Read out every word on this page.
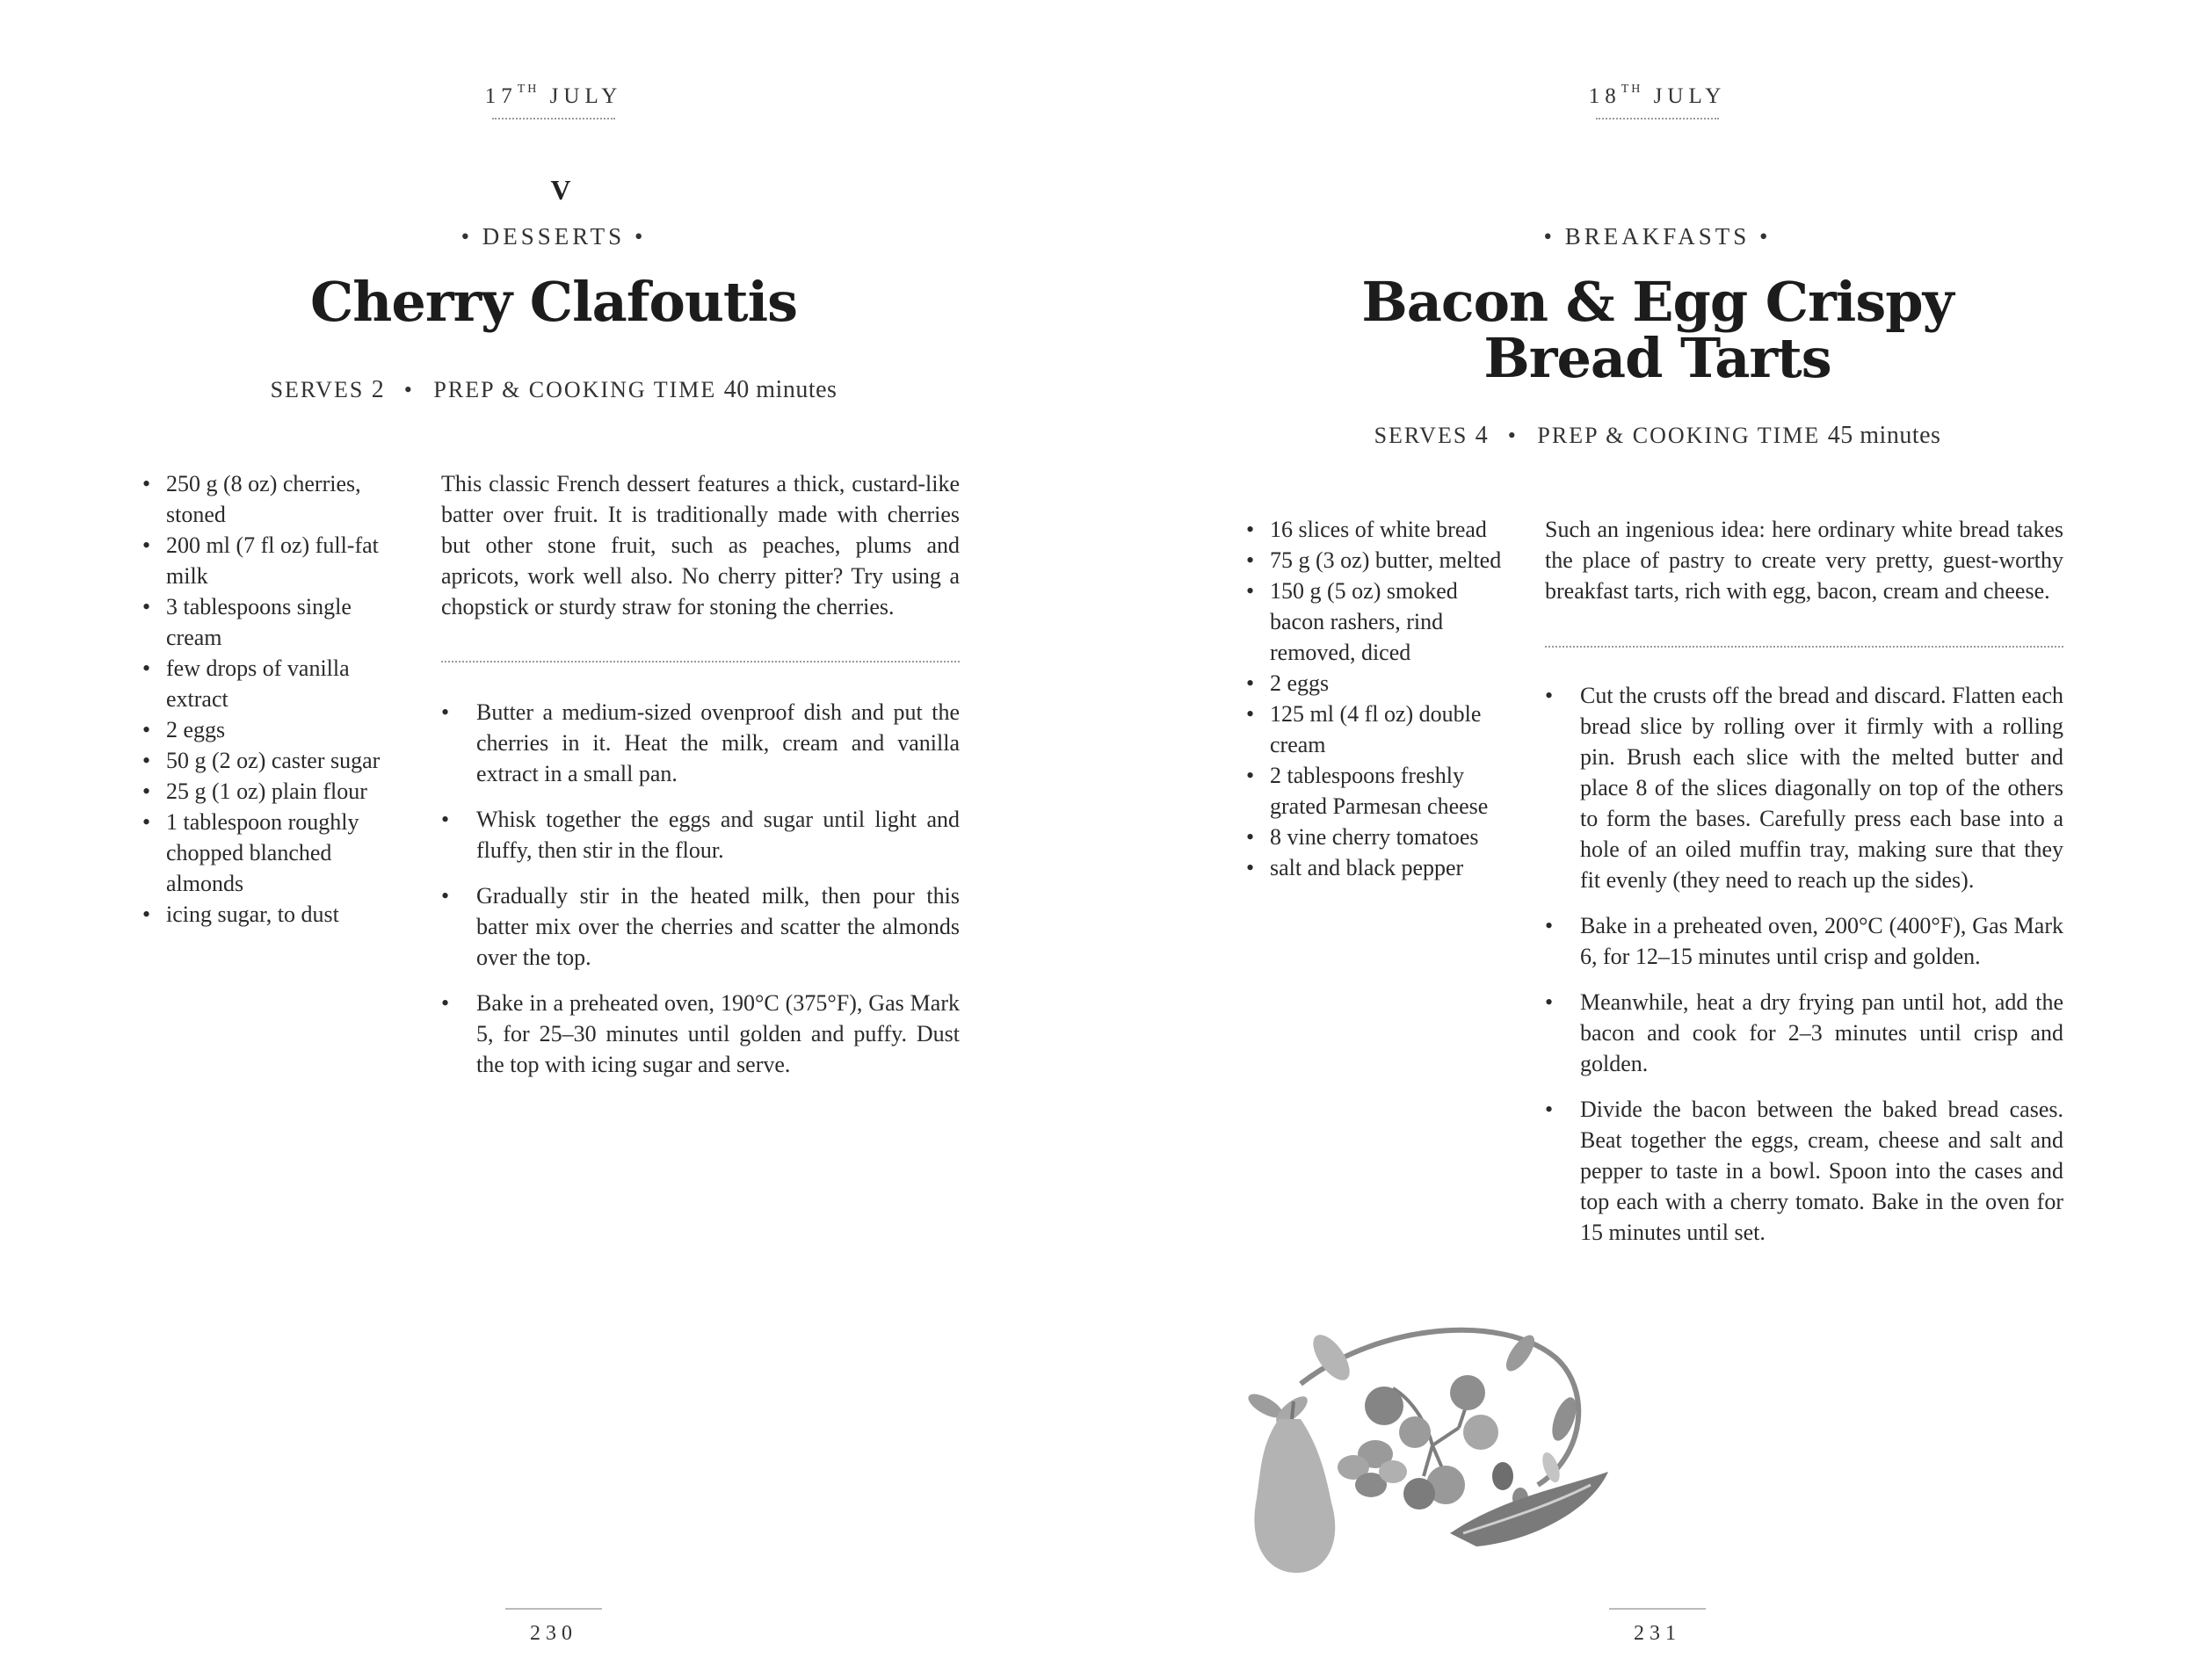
17TH JULY
V
• DESSERTS •
Cherry Clafoutis
SERVES 2 • PREP & COOKING TIME 40 minutes
• 250 g (8 oz) cherries, stoned
• 200 ml (7 fl oz) full-fat milk
• 3 tablespoons single cream
• few drops of vanilla extract
• 2 eggs
• 50 g (2 oz) caster sugar
• 25 g (1 oz) plain flour
• 1 tablespoon roughly chopped blanched almonds
• icing sugar, to dust

This classic French dessert features a thick, custard-like batter over fruit. It is traditionally made with cherries but other stone fruit, such as peaches, plums and apricots, work well also. No cherry pitter? Try using a chopstick or sturdy straw for stoning the cherries.

• Butter a medium-sized ovenproof dish and put the cherries in it. Heat the milk, cream and vanilla extract in a small pan.
• Whisk together the eggs and sugar until light and fluffy, then stir in the flour.
• Gradually stir in the heated milk, then pour this batter mix over the cherries and scatter the almonds over the top.
• Bake in a preheated oven, 190°C (375°F), Gas Mark 5, for 25–30 minutes until golden and puffy. Dust the top with icing sugar and serve.
230
18TH JULY
• BREAKFASTS •
Bacon & Egg Crispy
Bread Tarts
SERVES 4 • PREP & COOKING TIME 45 minutes
• 16 slices of white bread
• 75 g (3 oz) butter, melted
• 150 g (5 oz) smoked bacon rashers, rind removed, diced
• 2 eggs
• 125 ml (4 fl oz) double cream
• 2 tablespoons freshly grated Parmesan cheese
• 8 vine cherry tomatoes
• salt and black pepper

Such an ingenious idea: here ordinary white bread takes the place of pastry to create very pretty, guest-worthy breakfast tarts, rich with egg, bacon, cream and cheese.

• Cut the crusts off the bread and discard. Flatten each bread slice by rolling over it firmly with a rolling pin. Brush each slice with the melted butter and place 8 of the slices diagonally on top of the others to form the bases. Carefully press each base into a hole of an oiled muffin tray, making sure that they fit evenly (they need to reach up the sides).
• Bake in a preheated oven, 200°C (400°F), Gas Mark 6, for 12–15 minutes until crisp and golden.
• Meanwhile, heat a dry frying pan until hot, add the bacon and cook for 2–3 minutes until crisp and golden.
• Divide the bacon between the baked bread cases. Beat together the eggs, cream, cheese and salt and pepper to taste in a bowl. Spoon into the cases and top each with a cherry tomato. Bake in the oven for 15 minutes until set.
231
